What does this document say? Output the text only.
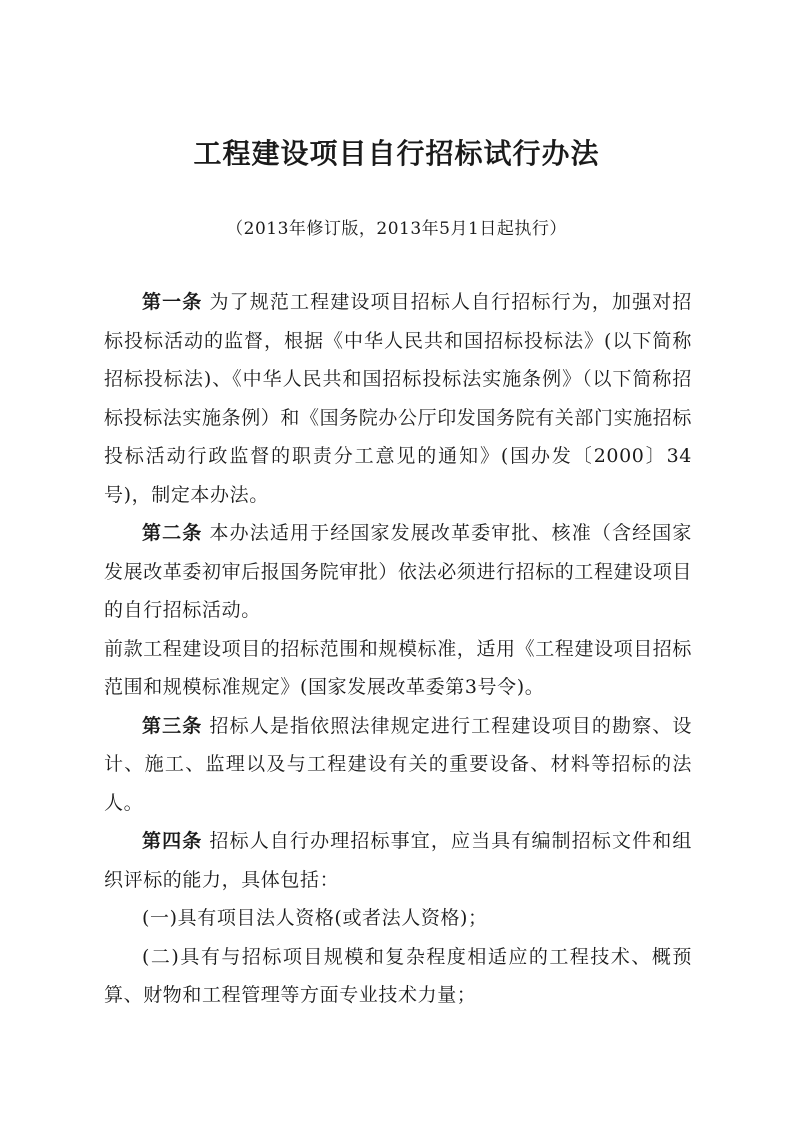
工程建设项目自行招标试行办法
（2013年修订版，2013年5月1日起执行）

第一条 为了规范工程建设项目招标人自行招标行为，加强对招标投标活动的监督，根据《中华人民共和国招标投标法》(以下简称招标投标法)、《中华人民共和国招标投标法实施条例》（以下简称招标投标法实施条例）和《国务院办公厅印发国务院有关部门实施招标投标活动行政监督的职责分工意见的通知》(国办发〔2000〕34号)，制定本办法。

第二条 本办法适用于经国家发展改革委审批、核准（含经国家发展改革委初审后报国务院审批）依法必须进行招标的工程建设项目的自行招标活动。

前款工程建设项目的招标范围和规模标准，适用《工程建设项目招标范围和规模标准规定》(国家发展改革委第3号令)。

第三条 招标人是指依照法律规定进行工程建设项目的勘察、设计、施工、监理以及与工程建设有关的重要设备、材料等招标的法人。

第四条 招标人自行办理招标事宜，应当具有编制招标文件和组织评标的能力，具体包括：

(一)具有项目法人资格(或者法人资格)；

(二)具有与招标项目规模和复杂程度相适应的工程技术、概预算、财物和工程管理等方面专业技术力量；
